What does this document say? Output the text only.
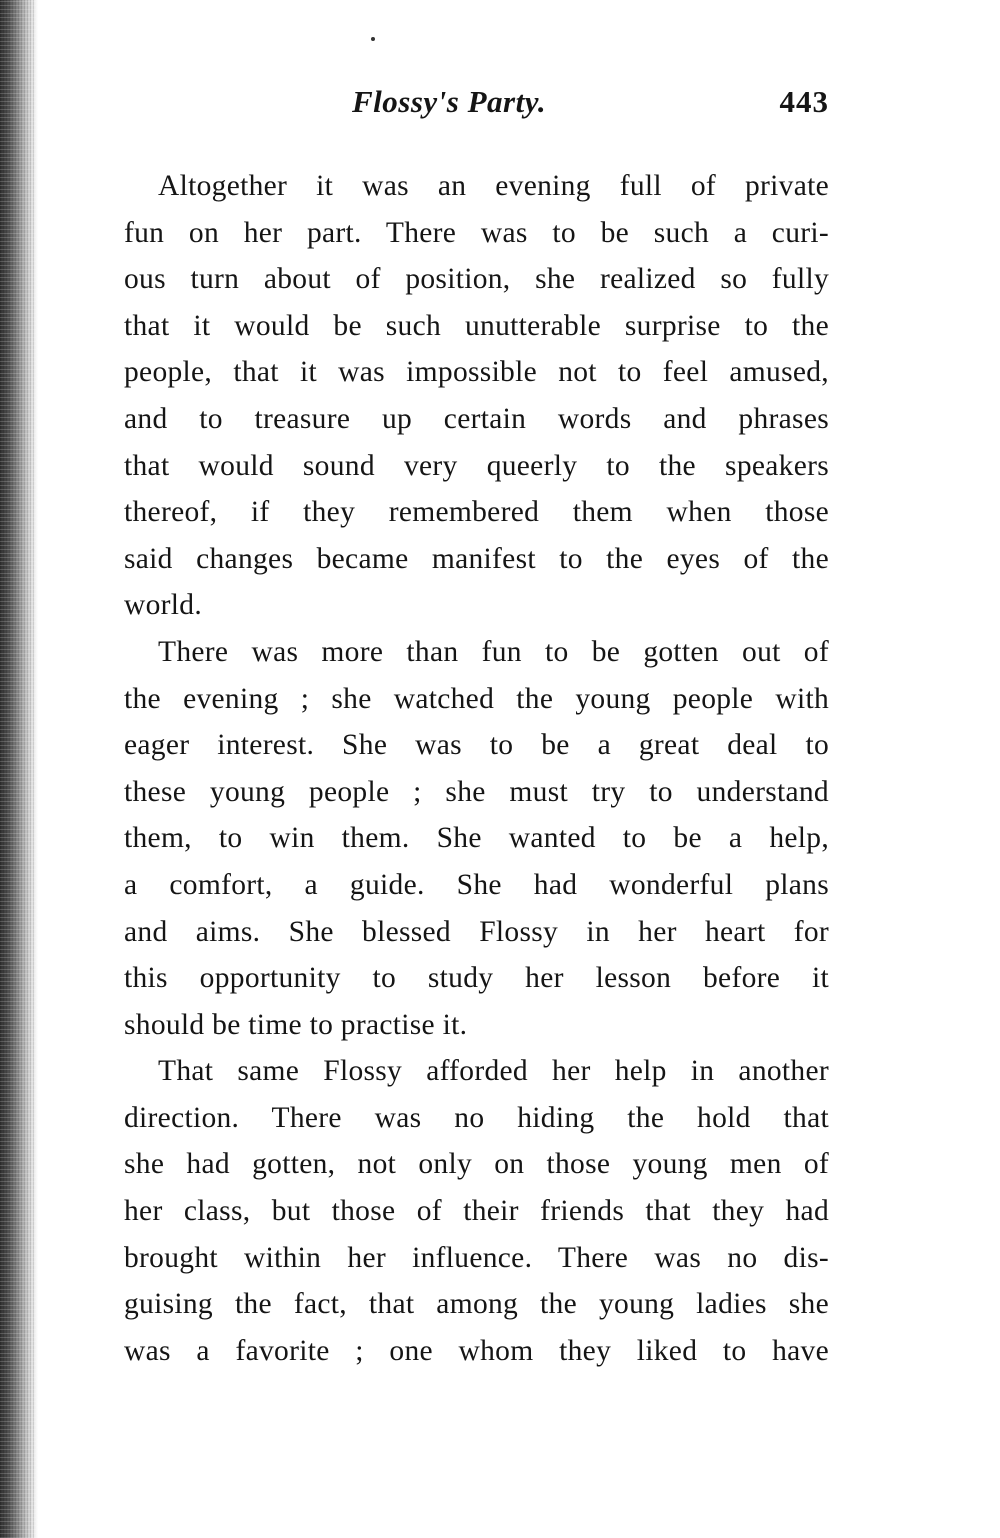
Flossy's Party.	443
Altogether it was an evening full of private
fun on her part. There was to be such a curi-
ous turn about of position, she realized so fully
that it would be such unutterable surprise to the
people, that it was impossible not to feel amused,
and to treasure up certain words and phrases
that would sound very queerly to the speakers
thereof, if they remembered them when those
said changes became manifest to the eyes of the
world.
There was more than fun to be gotten out of
the evening ; she watched the young people with
eager interest. She was to be a great deal to
these young people ; she must try to understand
them, to win them. She wanted to be a help,
a comfort, a guide. She had wonderful plans
and aims. She blessed Flossy in her heart for
this opportunity to study her lesson before it
should be time to practise it.
That same Flossy afforded her help in another
direction. There was no hiding the hold that
she had gotten, not only on those young men of
her class, but those of their friends that they had
brought within her influence. There was no dis-
guising the fact, that among the young ladies she
was a favorite ; one whom they liked to have
